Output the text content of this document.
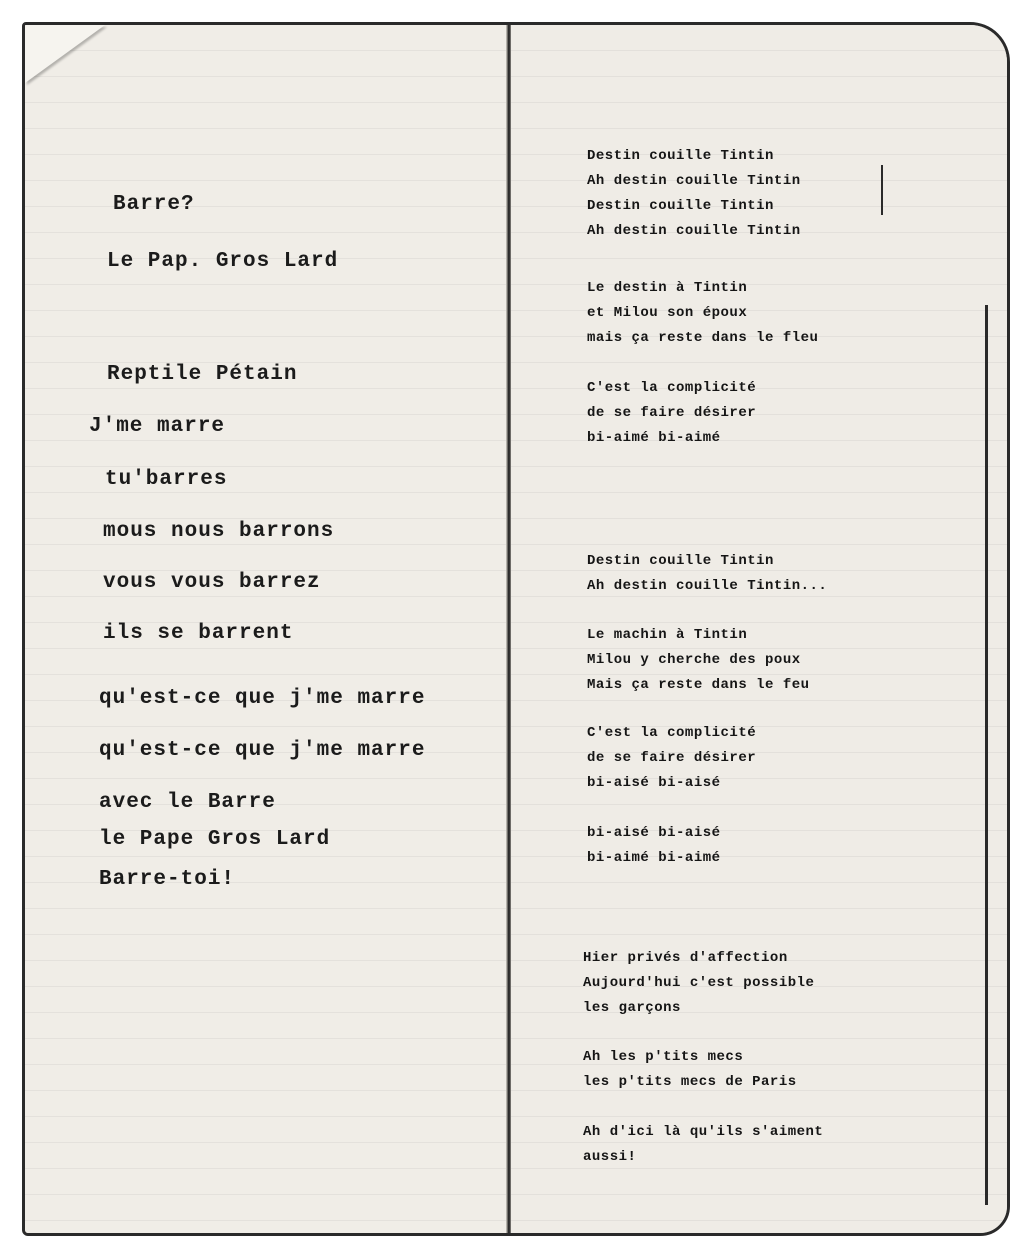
Barre?

Le Pap. Gros Lard

Reptile Pétain

J'me marre

tu'barres

mous nous barrons

vous vous barrez

ils se barrent

qu'est-ce que j'me marre

qu'est-ce que j'me marre

avec le Barre

le Pape Gros Lard

Barre-toi!

Destin couille Tintin

Ah destin couille Tintin

Destin couille Tintin

Ah destin couille Tintin

Le destin à Tintin

et Milou son époux

mais ça reste dans le fleu

C'est la complicité

de se faire désirer

bi-aimé bi-aimé

Destin couille Tintin

Ah destin couille Tintin...

Le machin à Tintin

Milou y cherche des poux

Mais ça reste dans le feu

C'est la complicité

de se faire désirer

bi-aisé bi-aisé

bi-aisé bi-aisé

bi-aimé bi-aimé

Hier privés d'affection

Aujourd'hui c'est possible

les garçons

Ah les p'tits mecs

les p'tits mecs de Paris

Ah d'ici là qu'ils s'aiment

aussi!
